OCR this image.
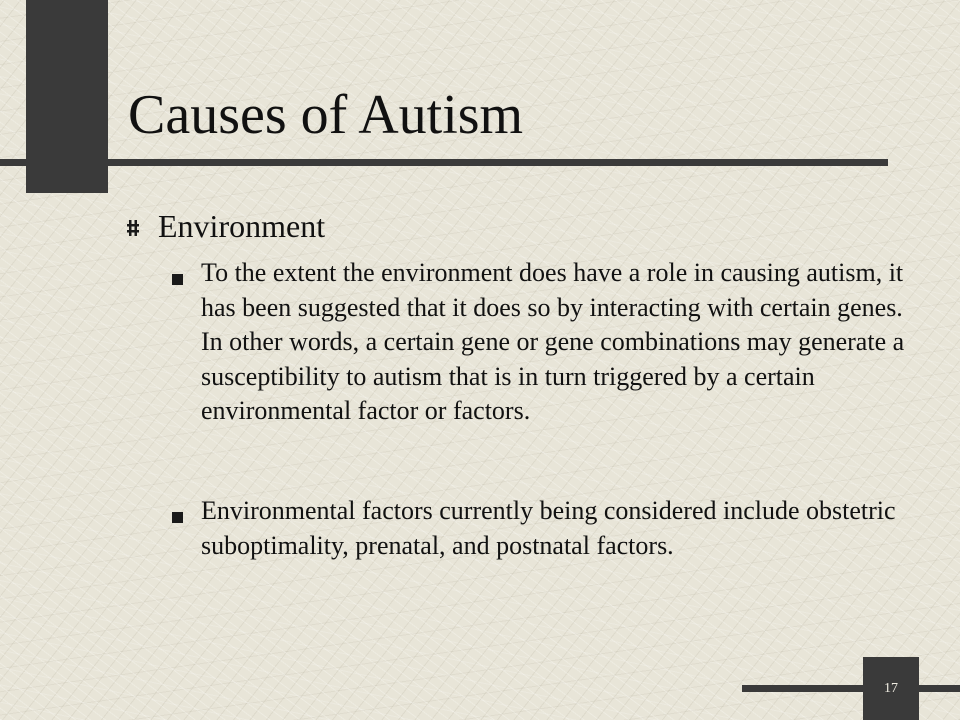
Causes of Autism
Environment

To the extent the environment does have a role in causing autism, it has been suggested that it does so by interacting with certain genes. In other words, a certain gene or gene combinations may generate a susceptibility to autism that is in turn triggered by a certain environmental factor or factors.

Environmental factors currently being considered include obstetric suboptimality, prenatal, and postnatal factors.

17
